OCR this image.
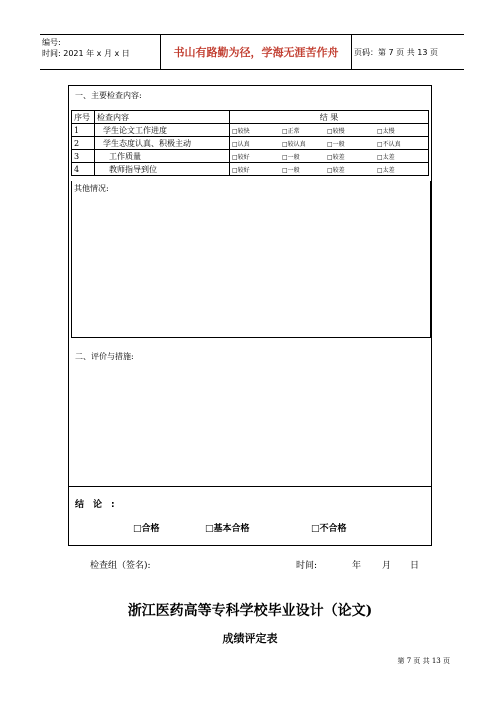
编号:
时间: 2021 年 x 月 x 日	书山有路勤为径，学海无涯苦作舟	页码：第 7 页 共 13 页
一、主要检查内容:
序号	检查内容	结 果
1	学生论文工作进度	□较快 □正常 □较慢 □太慢
2	学生态度认真、积极主动	□认真 □较认真 □一般 □不认真
3	工作质量	□较好 □一般 □较差 □太差
4	教师指导到位	□较好 □一般 □较差 □太差
其他情况:
二、评价与措施:
结论:
□合格	□基本合格	□不合格
检查组（签名):	时间:	年 月 日
浙江医药高等专科学校毕业设计（论文)
成绩评定表
第 7 页 共 13 页
